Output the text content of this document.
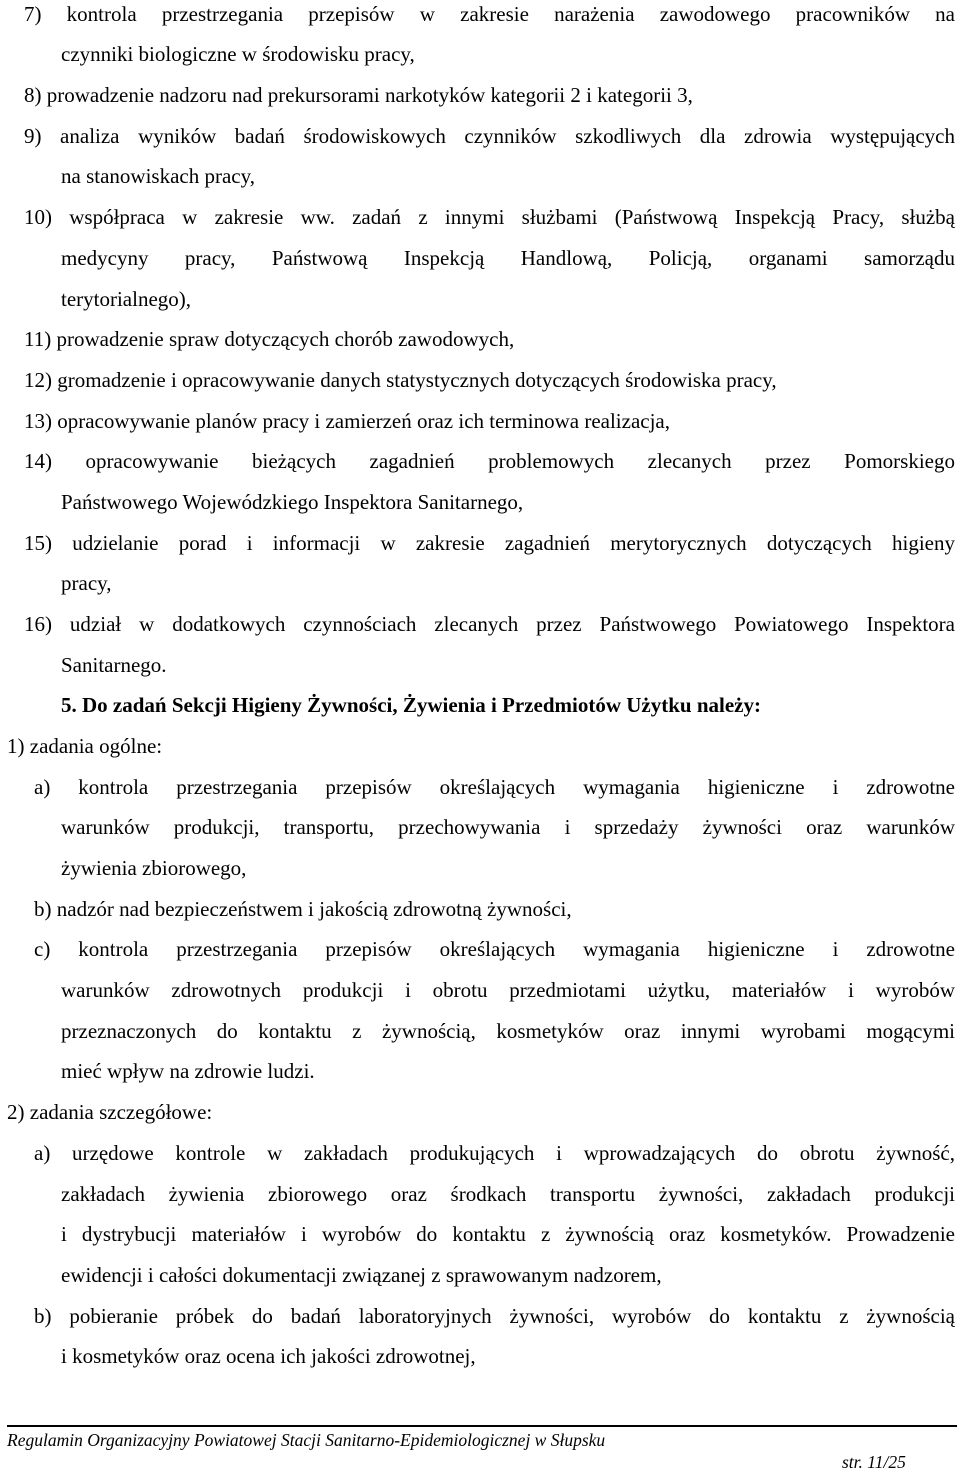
7) kontrola przestrzegania przepisów w zakresie narażenia zawodowego pracowników na
czynniki biologiczne w środowisku pracy,
8) prowadzenie nadzoru nad prekursorami narkotyków kategorii 2 i kategorii 3,
9) analiza wyników badań środowiskowych czynników szkodliwych dla zdrowia występujących
na stanowiskach pracy,
10) współpraca w zakresie ww. zadań z innymi służbami (Państwową Inspekcją Pracy, służbą
medycyny pracy, Państwową Inspekcją Handlową, Policją, organami samorządu
terytorialnego),
11) prowadzenie spraw dotyczących chorób zawodowych,
12) gromadzenie i opracowywanie danych statystycznych dotyczących środowiska pracy,
13) opracowywanie planów pracy i zamierzeń oraz ich terminowa realizacja,
14) opracowywanie bieżących zagadnień problemowych zlecanych przez Pomorskiego
Państwowego Wojewódzkiego Inspektora Sanitarnego,
15) udzielanie porad i informacji w zakresie zagadnień merytorycznych dotyczących higieny
pracy,
16) udział w dodatkowych czynnościach zlecanych przez Państwowego Powiatowego Inspektora
Sanitarnego.
5. Do zadań Sekcji Higieny Żywności, Żywienia i Przedmiotów Użytku należy:
1) zadania ogólne:
a) kontrola przestrzegania przepisów określających wymagania higieniczne i zdrowotne
warunków produkcji, transportu, przechowywania i sprzedaży żywności oraz warunków
żywienia zbiorowego,
b) nadzór nad bezpieczeństwem i jakością zdrowotną żywności,
c) kontrola przestrzegania przepisów określających wymagania higieniczne i zdrowotne
warunków zdrowotnych produkcji i obrotu przedmiotami użytku, materiałów i wyrobów
przeznaczonych do kontaktu z żywnością, kosmetyków oraz innymi wyrobami mogącymi
mieć wpływ na zdrowie ludzi.
2) zadania szczegółowe:
a) urzędowe kontrole w zakładach produkujących i wprowadzających do obrotu żywność,
zakładach żywienia zbiorowego oraz środkach transportu żywności, zakładach produkcji
i dystrybucji materiałów i wyrobów do kontaktu z żywnością oraz kosmetyków. Prowadzenie
ewidencji i całości dokumentacji związanej z sprawowanym nadzorem,
b) pobieranie próbek do badań laboratoryjnych żywności, wyrobów do kontaktu z żywnością
i kosmetyków oraz ocena ich jakości zdrowotnej,
Regulamin Organizacyjny Powiatowej Stacji Sanitarno-Epidemiologicznej w Słupsku
str. 11/25
